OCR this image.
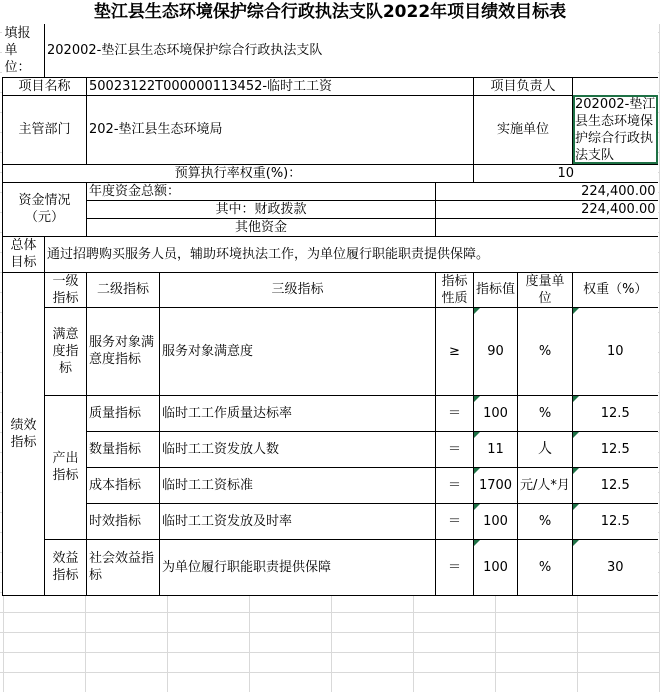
垫江县生态环境保护综合行政执法支队2022年项目绩效目标表
填报单位：	202002-垫江县生态环境保护综合行政执法支队						
项目名称		50023122T000000113452-临时工工资			项目负责人		
主管部门		202-垫江县生态环境局			实施单位		202002-垫江县生态环境保护综合行政执法支队
预算执行率权重(%)：					10		
资金情况（元）		年度资金总额：		224,400.00			
		其中：财政拨款		224,400.00			
		其他资金					
总体目标	通过招聘购买服务人员，辅助环境执法工作，为单位履行职能职责提供保障。						
绩效指标	一级指标	二级指标	三级指标	指标性质	指标值	度量单位	权重（%）
	满意度指标	服务对象满意度指标	服务对象满意度	≥	90	%	10
	产出指标	质量指标	临时工工作质量达标率	＝	100	%	12.5
		数量指标	临时工工资发放人数	＝	11	人	12.5
		成本指标	临时工工资标准	＝	1700	元/人*月	12.5
		时效指标	临时工工资发放及时率	＝	100	%	12.5
	效益指标	社会效益指标	为单位履行职能职责提供保障	＝	100	%	30
